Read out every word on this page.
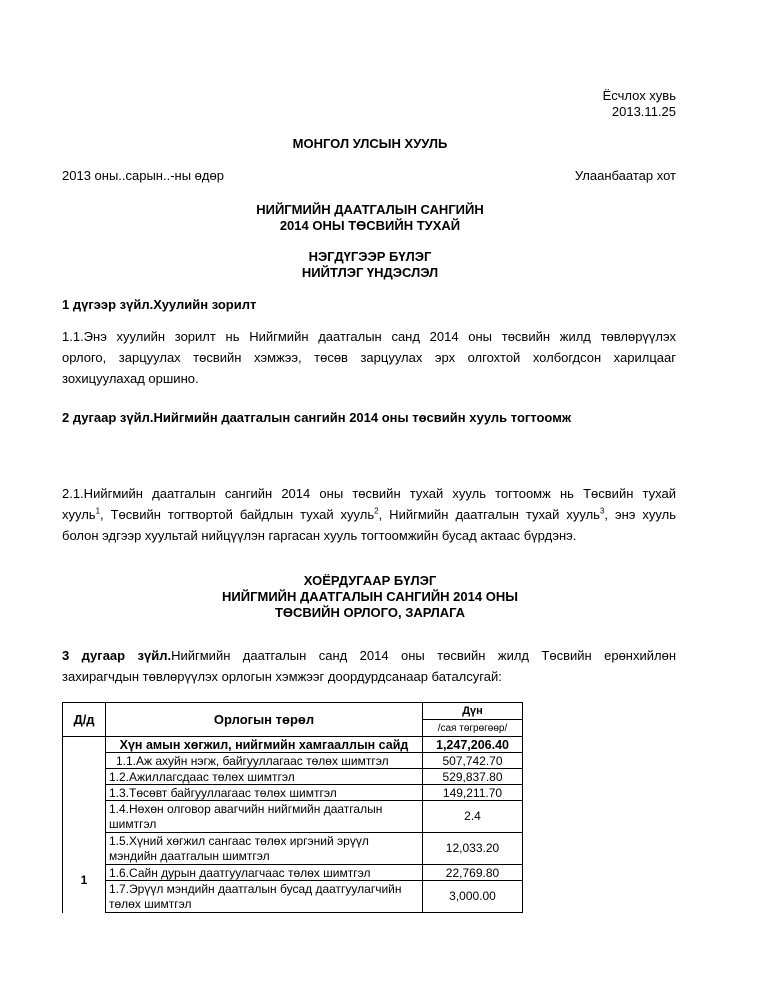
Ёсчлох хувь
2013.11.25
МОНГОЛ УЛСЫН ХУУЛЬ
2013 оны..сарын..-ны өдөр	Улаанбаатар хот
НИЙГМИЙН ДААТГАЛЫН САНГИЙН
2014 ОНЫ ТӨСВИЙН ТУХАЙ
НЭГДҮГЭЭР БҮЛЭГ
НИЙТЛЭГ ҮНДЭСЛЭЛ
1 дүгээр зүйл.Хуулийн зорилт
1.1.Энэ хуулийн зорилт нь Нийгмийн даатгалын санд 2014 оны төсвийн жилд төвлөрүүлэх
орлого, зарцуулах төсвийн хэмжээ, төсөв зарцуулах эрх олгохтой холбогдсон харилцааг
зохицуулахад оршино.
2 дугаар зүйл.Нийгмийн даатгалын сангийн 2014 оны төсвийн хууль тогтоомж
2.1.Нийгмийн даатгалын сангийн 2014 оны төсвийн тухай хууль тогтоомж нь Төсвийн тухай
хууль$^1$, Төсвийн тогтвортой байдлын тухай хууль$^2$, Нийгмийн даатгалын тухай хууль$^3$, энэ хууль
болон эдгээр хуультай нийцүүлэн гаргасан хууль тогтоомжийн бусад актаас бүрдэнэ.
ХОЁРДУГААР БҮЛЭГ
НИЙГМИЙН ДААТГАЛЫН САНГИЙН 2014 ОНЫ
ТӨСВИЙН ОРЛОГО, ЗАРЛАГА
3 дугаар зүйл.Нийгмийн даатгалын санд 2014 оны төсвийн жилд Төсвийн ерөнхийлөн
захирагчдын төвлөрүүлэх орлогын хэмжээг доордурдсанаар баталсугай:
Д/д	Орлогын төрөл	Дүн
		/сая төгрөгөөр/
1	Хүн амын хөгжил, нийгмийн хамгааллын сайд	1,247,206.40
	1.1.Аж ахуйн нэгж, байгууллагаас төлөх шимтгэл	507,742.70
	1.2.Ажиллагсдаас төлөх шимтгэл	529,837.80
	1.3.Төсөвт байгууллагаас төлөх шимтгэл	149,211.70
	1.4.Нөхөн олговор авагчийн нийгмийн даатгалын
шимтгэл	2.4
	1.5.Хүний хөгжил сангаас төлөх иргэний эрүүл
мэндийн даатгалын шимтгэл	12,033.20
	1.6.Сайн дурын даатгуулагчаас төлөх шимтгэл	22,769.80
	1.7.Эрүүл мэндийн даатгалын бусад даатгуулагчийн
төлөх шимтгэл	3,000.00
